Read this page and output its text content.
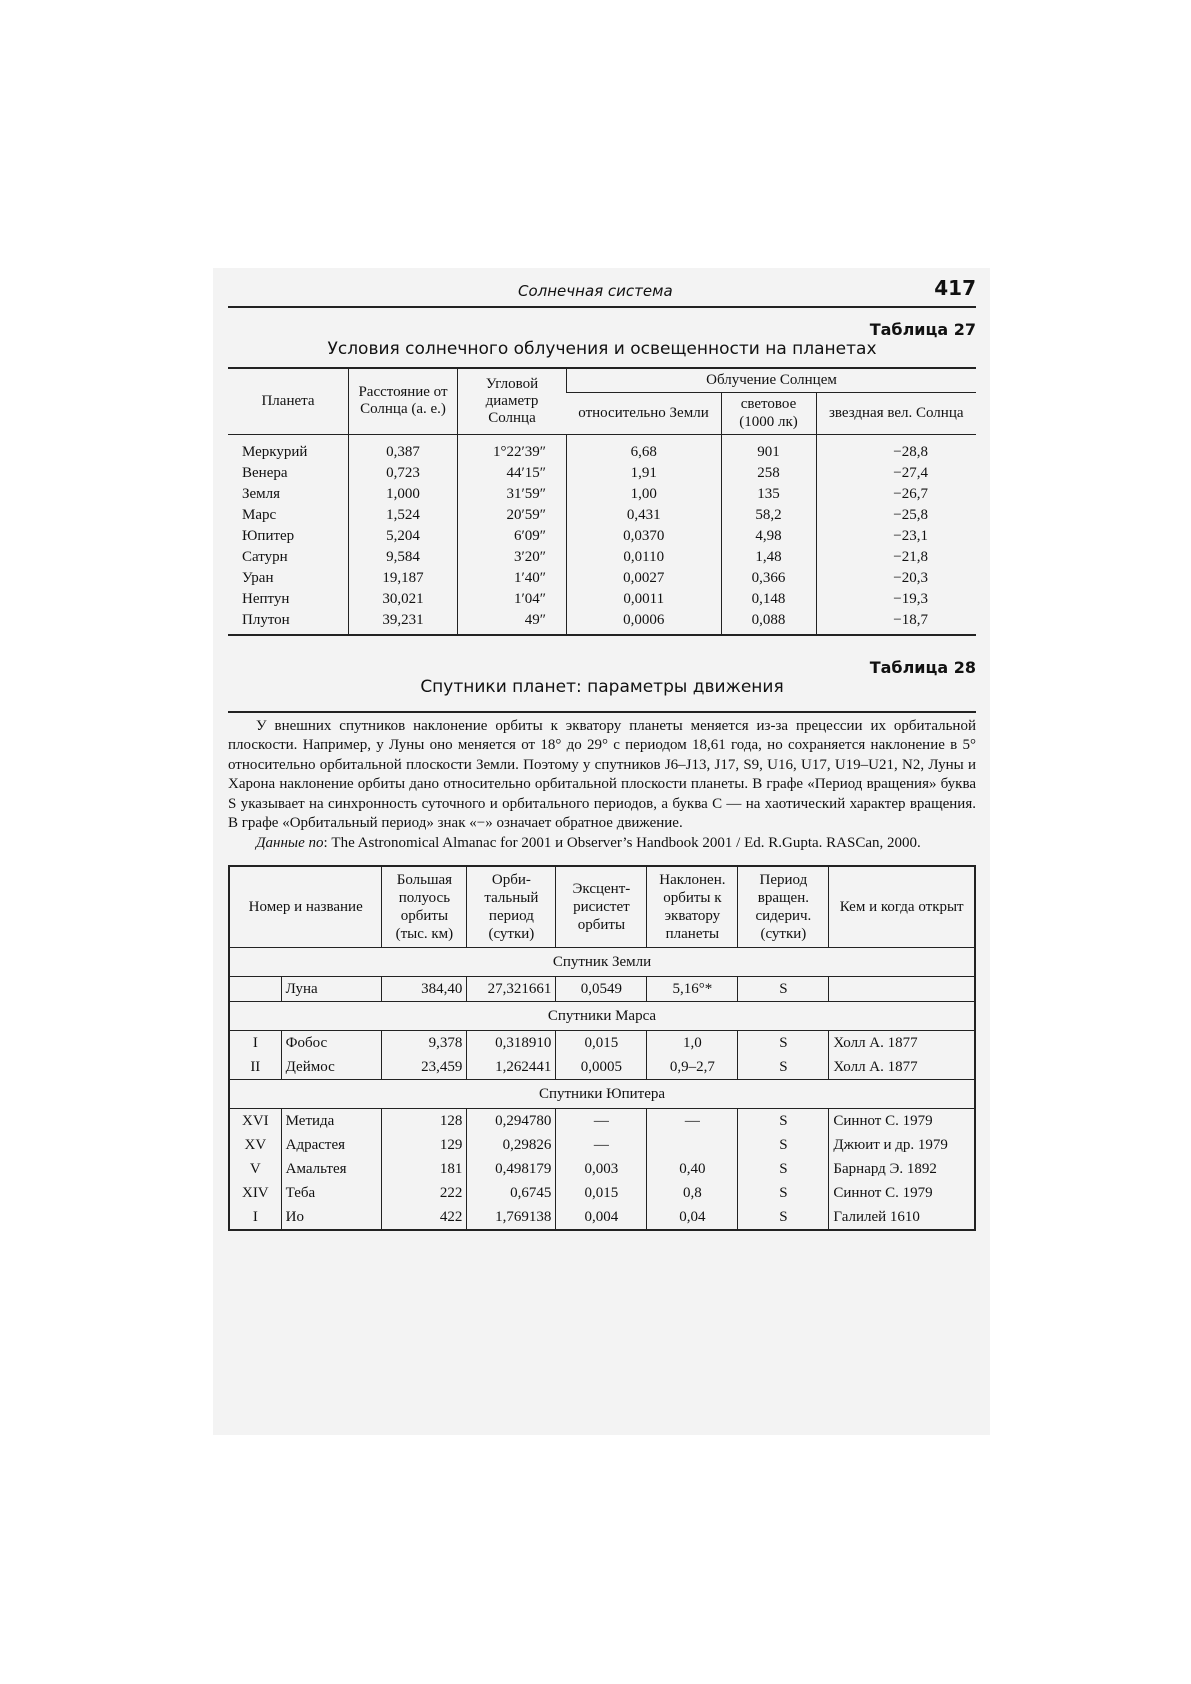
Солнечная система	417
Таблица 27
Условия солнечного облучения и освещенности на планетах
Планета	Расстояние от Солнца (а. е.)	Угловой диаметр Солнца	Облучение Солнцем		
			относительно Земли	световое (1000 лк)	звездная вел. Солнца
Меркурий	0,387	1°22′39″	6,68	901	−28,8
Венера	0,723	44′15″	1,91	258	−27,4
Земля	1,000	31′59″	1,00	135	−26,7
Марс	1,524	20′59″	0,431	58,2	−25,8
Юпитер	5,204	6′09″	0,0370	4,98	−23,1
Сатурн	9,584	3′20″	0,0110	1,48	−21,8
Уран	19,187	1′40″	0,0027	0,366	−20,3
Нептун	30,021	1′04″	0,0011	0,148	−19,3
Плутон	39,231	49″	0,0006	0,088	−18,7
Таблица 28
Спутники планет: параметры движения

У внешних спутников наклонение орбиты к экватору планеты меняется из-за прецессии их орбитальной плоскости. Например, у Луны оно меняется от 18° до 29° с периодом 18,61 года, но сохраняется наклонение в 5° относительно орбитальной плоскости Земли. Поэтому у спутников J6–J13, J17, S9, U16, U17, U19–U21, N2, Луны и Харона наклонение орбиты дано относительно орбитальной плоскости планеты. В графе «Период вращения» буква S указывает на синхронность суточного и орбитального периодов, а буква С — на хаотический характер вращения. В графе «Орбитальный период» знак «−» означает обратное движение.

Данные по: The Astronomical Almanac for 2001 и Observer’s Handbook 2001 / Ed. R.Gupta. RASCan, 2000.

Номер и название		Большая полуось орбиты (тыс. км)	Орби-тальный период (сутки)	Эксцент-рисистет орбиты	Наклонен. орбиты к экватору планеты	Период вращен. сидерич. (сутки)	Кем и когда открыт
Спутник Земли							
	Луна	384,40	27,321661	0,0549	5,16°*	S	
Спутники Марса							
I	Фобос	9,378	0,318910	0,015	1,0	S	Холл А. 1877
II	Деймос	23,459	1,262441	0,0005	0,9–2,7	S	Холл А. 1877
Спутники Юпитера							
XVI	Метида	128	0,294780	—	—	S	Синнот С. 1979
XV	Адрастея	129	0,29826	—		S	Джюит и др. 1979
V	Амальтея	181	0,498179	0,003	0,40	S	Барнард Э. 1892
XIV	Теба	222	0,6745	0,015	0,8	S	Синнот С. 1979
I	Ио	422	1,769138	0,004	0,04	S	Галилей 1610
